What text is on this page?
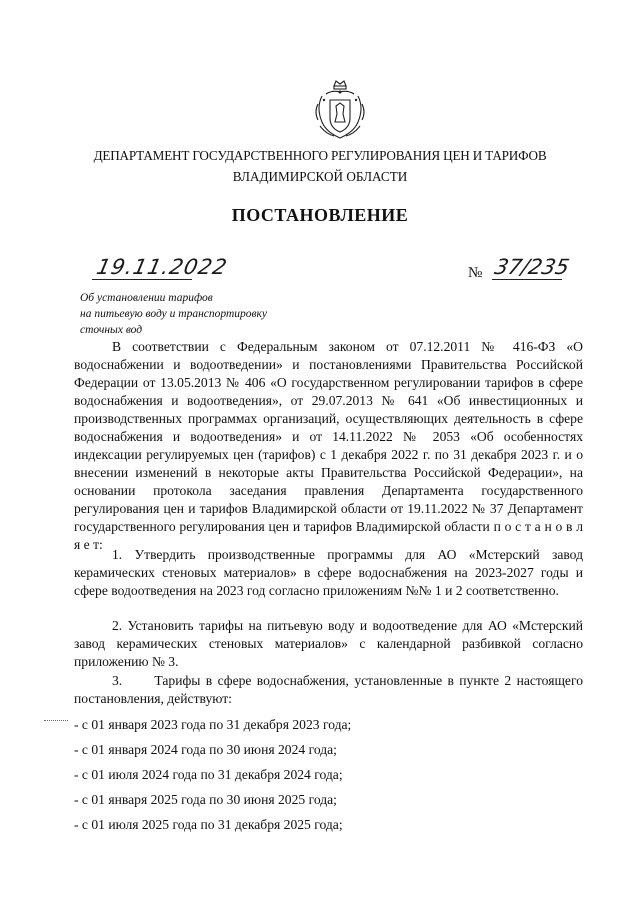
ДЕПАРТАМЕНТ ГОСУДАРСТВЕННОГО РЕГУЛИРОВАНИЯ ЦЕН И ТАРИФОВ
ВЛАДИМИРСКОЙ ОБЛАСТИ
ПОСТАНОВЛЕНИЕ
19.11.2022	№ 37/235
Об установлении тарифов
на питьевую воду и транспортировку
сточных вод

В соответствии с Федеральным законом от 07.12.2011 № 416-ФЗ «О водоснабжении и водоотведении» и постановлениями Правительства Российской Федерации от 13.05.2013 № 406 «О государственном регулировании тарифов в сфере водоснабжения и водоотведения», от 29.07.2013 № 641 «Об инвестиционных и производственных программах организаций, осуществляющих деятельность в сфере водоснабжения и водоотведения» и от 14.11.2022 № 2053 «Об особенностях индексации регулируемых цен (тарифов) с 1 декабря 2022 г. по 31 декабря 2023 г. и о внесении изменений в некоторые акты Правительства Российской Федерации», на основании протокола заседания правления Департамента государственного регулирования цен и тарифов Владимирской области от 19.11.2022 № 37 Департамент государственного регулирования цен и тарифов Владимирской области п о с т а н о в л я е т:

1. Утвердить производственные программы для АО «Мстерский завод керамических стеновых материалов» в сфере водоснабжения на 2023-2027 годы и сфере водоотведения на 2023 год согласно приложениям №№ 1 и 2 соответственно.

2. Установить тарифы на питьевую воду и водоотведение для АО «Мстерский завод керамических стеновых материалов» с календарной разбивкой согласно приложению № 3.

3.      Тарифы в сфере водоснабжения, установленные в пункте 2 настоящего постановления, действуют:

- с 01 января 2023 года по 31 декабря 2023 года;
- с 01 января 2024 года по 30 июня 2024 года;
- с 01 июля 2024 года по 31 декабря 2024 года;
- с 01 января 2025 года по 30 июня 2025 года;
- с 01 июля 2025 года по 31 декабря 2025 года;
